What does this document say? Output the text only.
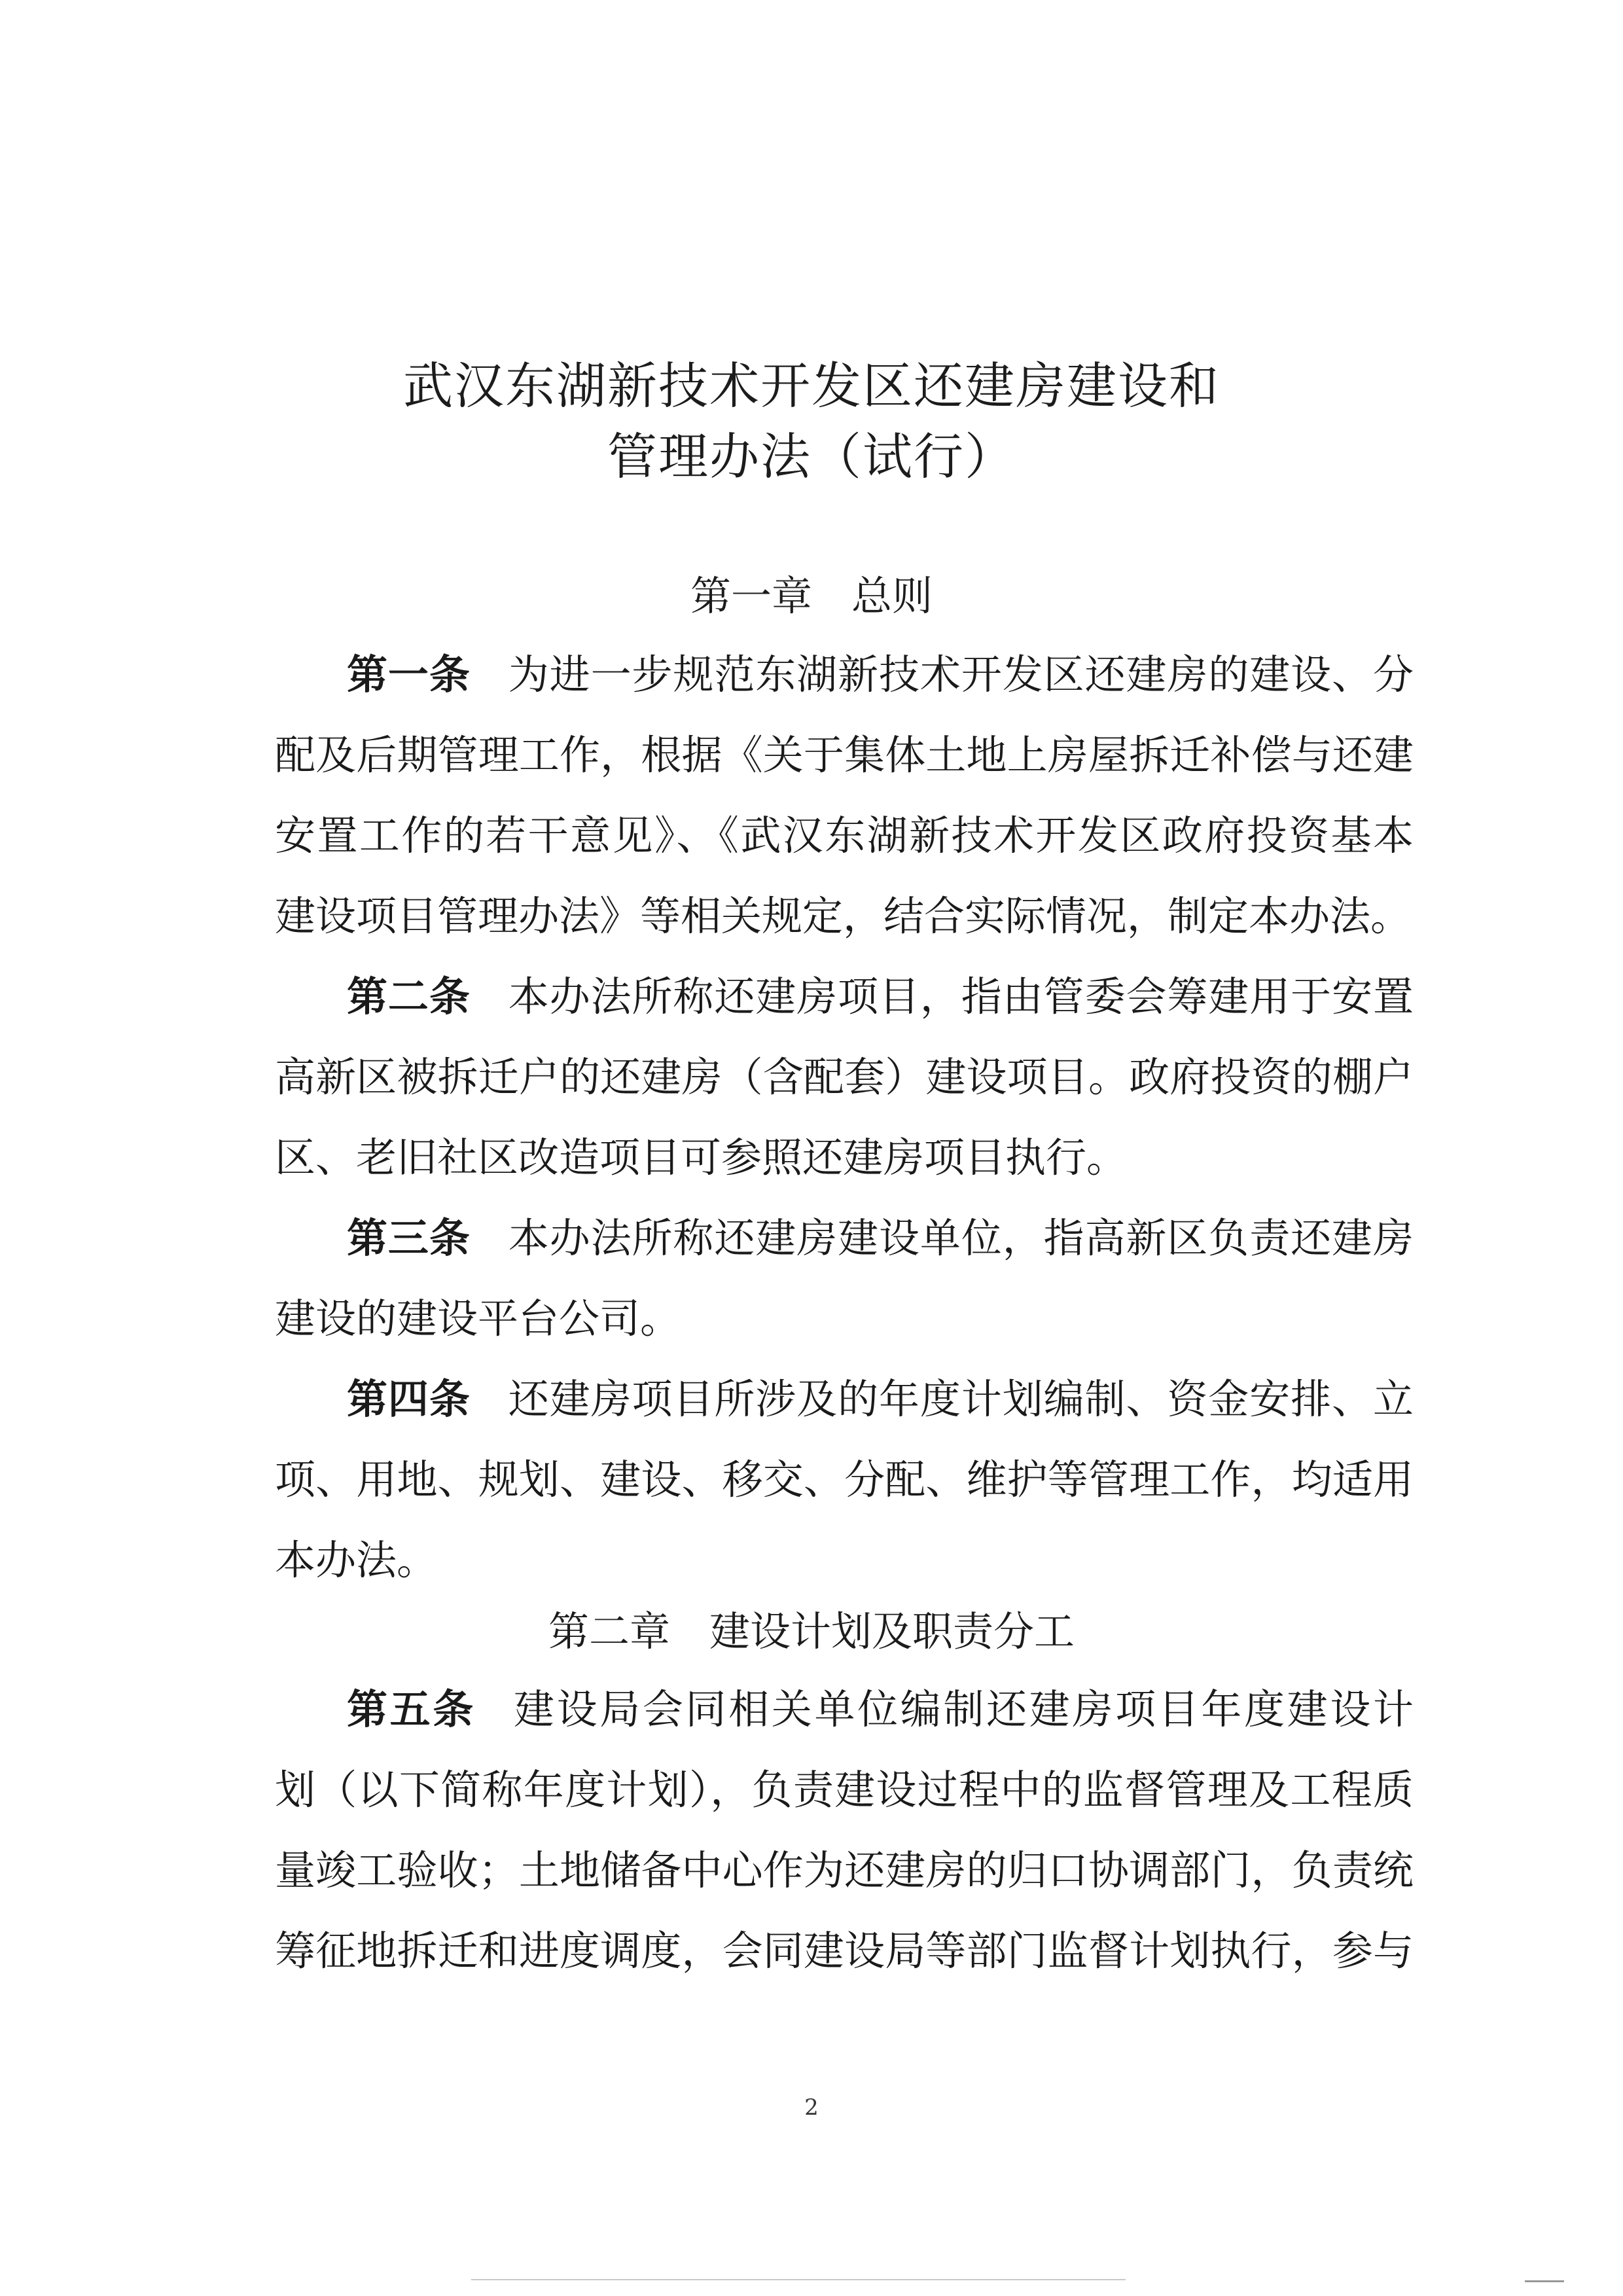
武汉东湖新技术开发区还建房建设和
管理办法（试行）
第一章 总则
第一条 为进一步规范东湖新技术开发区还建房的建设、分
配及后期管理工作，根据《关于集体土地上房屋拆迁补偿与还建
安置工作的若干意见》、《武汉东湖新技术开发区政府投资基本
建设项目管理办法》等相关规定，结合实际情况，制定本办法。
第二条 本办法所称还建房项目，指由管委会筹建用于安置
高新区被拆迁户的还建房（含配套）建设项目。政府投资的棚户
区、老旧社区改造项目可参照还建房项目执行。
第三条 本办法所称还建房建设单位，指高新区负责还建房
建设的建设平台公司。
第四条 还建房项目所涉及的年度计划编制、资金安排、立
项、用地、规划、建设、移交、分配、维护等管理工作，均适用
本办法。
第二章 建设计划及职责分工
第五条 建设局会同相关单位编制还建房项目年度建设计
划（以下简称年度计划），负责建设过程中的监督管理及工程质
量竣工验收；土地储备中心作为还建房的归口协调部门，负责统
筹征地拆迁和进度调度，会同建设局等部门监督计划执行，参与
2
